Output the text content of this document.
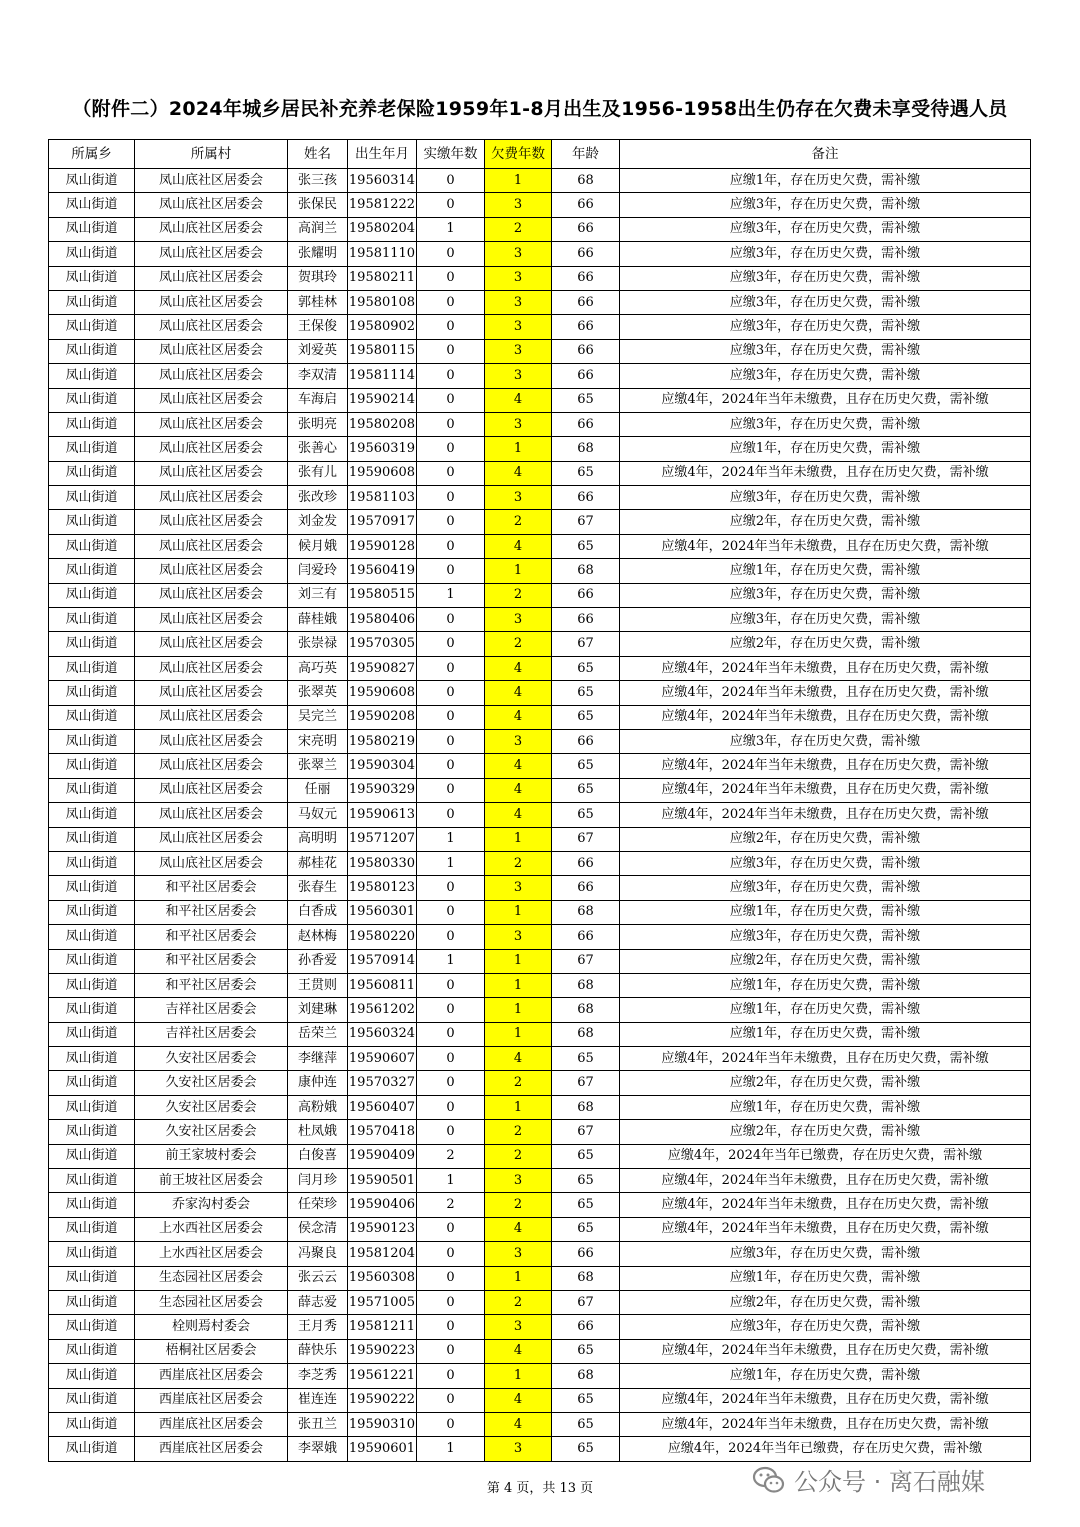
（附件二）2024年城乡居民补充养老保险1959年1-8月出生及1956-1958出生仍存在欠费未享受待遇人员
所属乡	所属村	姓名	出生年月	实缴年数	欠费年数	年龄	备注
凤山街道	凤山底社区居委会	张三孩	19560314	0	1	68	应缴1年，存在历史欠费，需补缴
凤山街道	凤山底社区居委会	张保民	19581222	0	3	66	应缴3年，存在历史欠费，需补缴
凤山街道	凤山底社区居委会	高润兰	19580204	1	2	66	应缴3年，存在历史欠费，需补缴
凤山街道	凤山底社区居委会	张耀明	19581110	0	3	66	应缴3年，存在历史欠费，需补缴
凤山街道	凤山底社区居委会	贺琪玲	19580211	0	3	66	应缴3年，存在历史欠费，需补缴
凤山街道	凤山底社区居委会	郭桂林	19580108	0	3	66	应缴3年，存在历史欠费，需补缴
凤山街道	凤山底社区居委会	王保俊	19580902	0	3	66	应缴3年，存在历史欠费，需补缴
凤山街道	凤山底社区居委会	刘爱英	19580115	0	3	66	应缴3年，存在历史欠费，需补缴
凤山街道	凤山底社区居委会	李双清	19581114	0	3	66	应缴3年，存在历史欠费，需补缴
凤山街道	凤山底社区居委会	车海启	19590214	0	4	65	应缴4年，2024年当年未缴费，且存在历史欠费，需补缴
凤山街道	凤山底社区居委会	张明亮	19580208	0	3	66	应缴3年，存在历史欠费，需补缴
凤山街道	凤山底社区居委会	张善心	19560319	0	1	68	应缴1年，存在历史欠费，需补缴
凤山街道	凤山底社区居委会	张有儿	19590608	0	4	65	应缴4年，2024年当年未缴费，且存在历史欠费，需补缴
凤山街道	凤山底社区居委会	张改珍	19581103	0	3	66	应缴3年，存在历史欠费，需补缴
凤山街道	凤山底社区居委会	刘金发	19570917	0	2	67	应缴2年，存在历史欠费，需补缴
凤山街道	凤山底社区居委会	候月娥	19590128	0	4	65	应缴4年，2024年当年未缴费，且存在历史欠费，需补缴
凤山街道	凤山底社区居委会	闫爱玲	19560419	0	1	68	应缴1年，存在历史欠费，需补缴
凤山街道	凤山底社区居委会	刘三有	19580515	1	2	66	应缴3年，存在历史欠费，需补缴
凤山街道	凤山底社区居委会	薛桂娥	19580406	0	3	66	应缴3年，存在历史欠费，需补缴
凤山街道	凤山底社区居委会	张崇禄	19570305	0	2	67	应缴2年，存在历史欠费，需补缴
凤山街道	凤山底社区居委会	高巧英	19590827	0	4	65	应缴4年，2024年当年未缴费，且存在历史欠费，需补缴
凤山街道	凤山底社区居委会	张翠英	19590608	0	4	65	应缴4年，2024年当年未缴费，且存在历史欠费，需补缴
凤山街道	凤山底社区居委会	吴完兰	19590208	0	4	65	应缴4年，2024年当年未缴费，且存在历史欠费，需补缴
凤山街道	凤山底社区居委会	宋亮明	19580219	0	3	66	应缴3年，存在历史欠费，需补缴
凤山街道	凤山底社区居委会	张翠兰	19590304	0	4	65	应缴4年，2024年当年未缴费，且存在历史欠费，需补缴
凤山街道	凤山底社区居委会	任丽	19590329	0	4	65	应缴4年，2024年当年未缴费，且存在历史欠费，需补缴
凤山街道	凤山底社区居委会	马奴元	19590613	0	4	65	应缴4年，2024年当年未缴费，且存在历史欠费，需补缴
凤山街道	凤山底社区居委会	高明明	19571207	1	1	67	应缴2年，存在历史欠费，需补缴
凤山街道	凤山底社区居委会	郝桂花	19580330	1	2	66	应缴3年，存在历史欠费，需补缴
凤山街道	和平社区居委会	张春生	19580123	0	3	66	应缴3年，存在历史欠费，需补缴
凤山街道	和平社区居委会	白香成	19560301	0	1	68	应缴1年，存在历史欠费，需补缴
凤山街道	和平社区居委会	赵林梅	19580220	0	3	66	应缴3年，存在历史欠费，需补缴
凤山街道	和平社区居委会	孙香爱	19570914	1	1	67	应缴2年，存在历史欠费，需补缴
凤山街道	和平社区居委会	王贯则	19560811	0	1	68	应缴1年，存在历史欠费，需补缴
凤山街道	吉祥社区居委会	刘建琳	19561202	0	1	68	应缴1年，存在历史欠费，需补缴
凤山街道	吉祥社区居委会	岳荣兰	19560324	0	1	68	应缴1年，存在历史欠费，需补缴
凤山街道	久安社区居委会	李继萍	19590607	0	4	65	应缴4年，2024年当年未缴费，且存在历史欠费，需补缴
凤山街道	久安社区居委会	康仲连	19570327	0	2	67	应缴2年，存在历史欠费，需补缴
凤山街道	久安社区居委会	高粉娥	19560407	0	1	68	应缴1年，存在历史欠费，需补缴
凤山街道	久安社区居委会	杜凤娥	19570418	0	2	67	应缴2年，存在历史欠费，需补缴
凤山街道	前王家坡村委会	白俊喜	19590409	2	2	65	应缴4年，2024年当年已缴费，存在历史欠费，需补缴
凤山街道	前王坡社区居委会	闫月珍	19590501	1	3	65	应缴4年，2024年当年未缴费，且存在历史欠费，需补缴
凤山街道	乔家沟村委会	任荣珍	19590406	2	2	65	应缴4年，2024年当年未缴费，且存在历史欠费，需补缴
凤山街道	上水西社区居委会	侯念清	19590123	0	4	65	应缴4年，2024年当年未缴费，且存在历史欠费，需补缴
凤山街道	上水西社区居委会	冯聚良	19581204	0	3	66	应缴3年，存在历史欠费，需补缴
凤山街道	生态园社区居委会	张云云	19560308	0	1	68	应缴1年，存在历史欠费，需补缴
凤山街道	生态园社区居委会	薛志爱	19571005	0	2	67	应缴2年，存在历史欠费，需补缴
凤山街道	栓则焉村委会	王月秀	19581211	0	3	66	应缴3年，存在历史欠费，需补缴
凤山街道	梧桐社区居委会	薛快乐	19590223	0	4	65	应缴4年，2024年当年未缴费，且存在历史欠费，需补缴
凤山街道	西崖底社区居委会	李芝秀	19561221	0	1	68	应缴1年，存在历史欠费，需补缴
凤山街道	西崖底社区居委会	崔连连	19590222	0	4	65	应缴4年，2024年当年未缴费，且存在历史欠费，需补缴
凤山街道	西崖底社区居委会	张丑兰	19590310	0	4	65	应缴4年，2024年当年未缴费，且存在历史欠费，需补缴
凤山街道	西崖底社区居委会	李翠娥	19590601	1	3	65	应缴4年，2024年当年已缴费，存在历史欠费，需补缴
第 4 页，共 13 页	公众号 · 离石融媒
